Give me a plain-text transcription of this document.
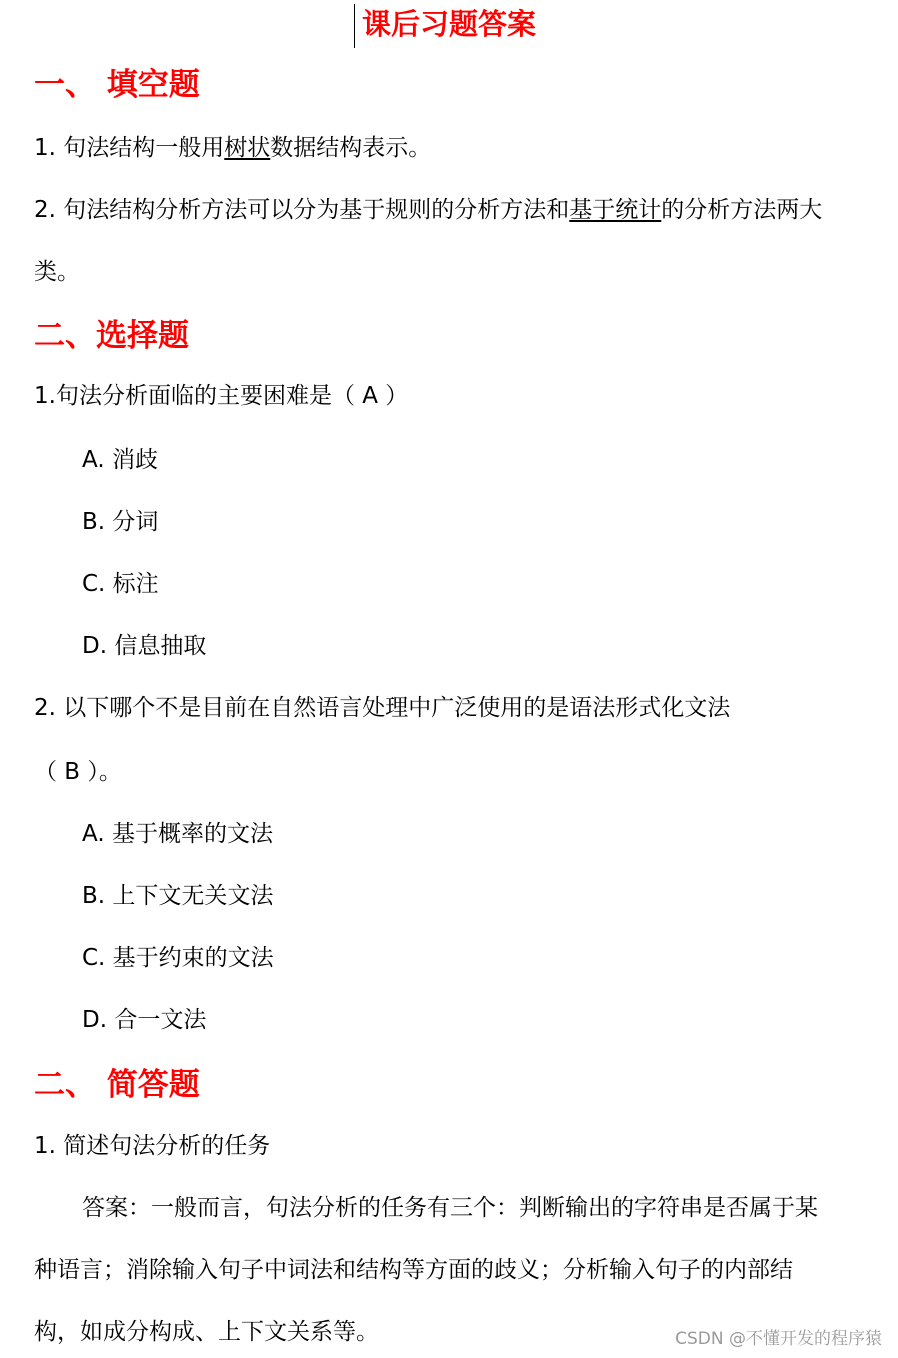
课后习题答案
一、 填空题
1. 句法结构一般用树状数据结构表示。
2. 句法结构分析方法可以分为基于规则的分析方法和基于统计的分析方法两大
类。
二、选择题
1.句法分析面临的主要困难是（ A ）
A. 消歧
B. 分词
C. 标注
D. 信息抽取
2. 以下哪个不是目前在自然语言处理中广泛使用的是语法形式化文法
（ B ）。
A. 基于概率的文法
B. 上下文无关文法
C. 基于约束的文法
D. 合一文法
二、 简答题
1. 简述句法分析的任务
答案：一般而言，句法分析的任务有三个：判断输出的字符串是否属于某
种语言；消除输入句子中词法和结构等方面的歧义；分析输入句子的内部结
构，如成分构成、上下文关系等。	CSDN @不懂开发的程序猿
